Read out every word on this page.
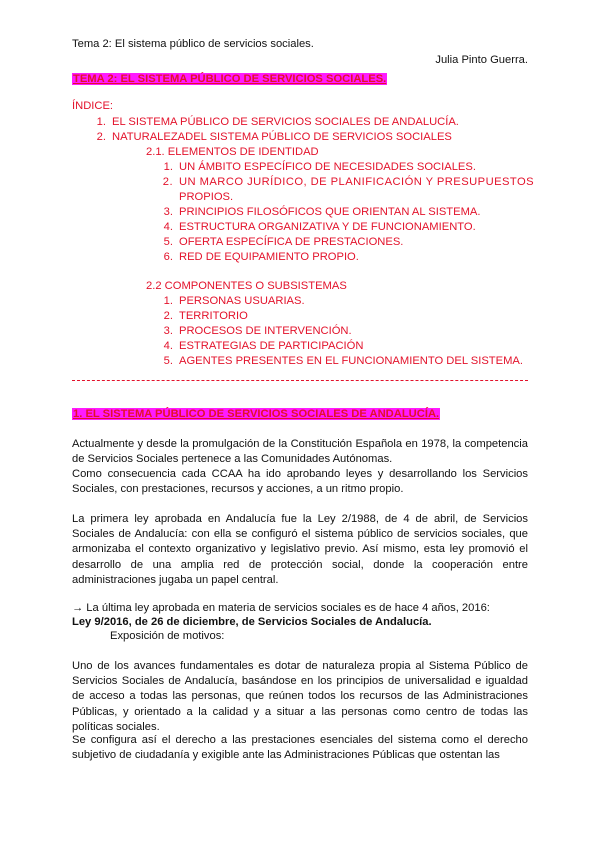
Tema 2: El sistema público de servicios sociales.
Julia Pinto Guerra.
TEMA 2: EL SISTEMA PÚBLICO DE SERVICIOS SOCIALES.
ÍNDICE:
1. EL SISTEMA PÚBLICO DE SERVICIOS SOCIALES DE ANDALUCÍA.
2. NATURALEZADEL SISTEMA PÚBLICO DE SERVICIOS SOCIALES
2.1. ELEMENTOS DE IDENTIDAD
1. UN ÁMBITO ESPECÍFICO DE NECESIDADES SOCIALES.
2. UN MARCO JURÍDICO, DE PLANIFICACIÓN Y PRESUPUESTOS
PROPIOS.
3. PRINCIPIOS FILOSÓFICOS QUE ORIENTAN AL SISTEMA.
4. ESTRUCTURA ORGANIZATIVA Y DE FUNCIONAMIENTO.
5. OFERTA ESPECÍFICA DE PRESTACIONES.
6. RED DE EQUIPAMIENTO PROPIO.
2.2 COMPONENTES O SUBSISTEMAS
1. PERSONAS USUARIAS.
2. TERRITORIO
3. PROCESOS DE INTERVENCIÓN.
4. ESTRATEGIAS DE PARTICIPACIÓN
5. AGENTES PRESENTES EN EL FUNCIONAMIENTO DEL SISTEMA.
1. EL SISTEMA PÚBLICO DE SERVICIOS SOCIALES DE ANDALUCÍA.
Actualmente y desde la promulgación de la Constitución Española en 1978, la competencia de Servicios Sociales pertenece a las Comunidades Autónomas.
Como consecuencia cada CCAA ha ido aprobando leyes y desarrollando los Servicios Sociales, con prestaciones, recursos y acciones, a un ritmo propio.
La primera ley aprobada en Andalucía fue la Ley 2/1988, de 4 de abril, de Servicios Sociales de Andalucía: con ella se configuró el sistema público de servicios sociales, que armonizaba el contexto organizativo y legislativo previo. Así mismo, esta ley promovió el desarrollo de una amplia red de protección social, donde la cooperación entre administraciones jugaba un papel central.
→ La última ley aprobada en materia de servicios sociales es de hace 4 años, 2016:
Ley 9/2016, de 26 de diciembre, de Servicios Sociales de Andalucía.
Exposición de motivos:
Uno de los avances fundamentales es dotar de naturaleza propia al Sistema Público de Servicios Sociales de Andalucía, basándose en los principios de universalidad e igualdad de acceso a todas las personas, que reúnen todos los recursos de las Administraciones Públicas, y orientado a la calidad y a situar a las personas como centro de todas las políticas sociales.
Se configura así el derecho a las prestaciones esenciales del sistema como el derecho subjetivo de ciudadanía y exigible ante las Administraciones Públicas que ostentan las
